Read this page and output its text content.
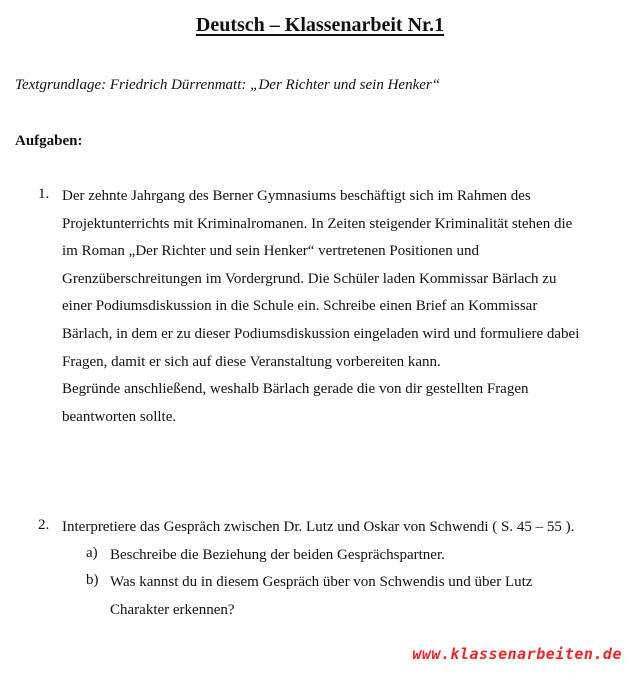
Deutsch – Klassenarbeit Nr.1
Textgrundlage: Friedrich Dürrenmatt: „Der Richter und sein Henker“
Aufgaben:
1. Der zehnte Jahrgang des Berner Gymnasiums beschäftigt sich im Rahmen des
Projektunterrichts mit Kriminalromanen. In Zeiten steigender Kriminalität stehen die
im Roman „Der Richter und sein Henker“ vertretenen Positionen und
Grenzüberschreitungen im Vordergrund. Die Schüler laden Kommissar Bärlach zu
einer Podiumsdiskussion in die Schule ein. Schreibe einen Brief an Kommissar
Bärlach, in dem er zu dieser Podiumsdiskussion eingeladen wird und formuliere dabei
Fragen, damit er sich auf diese Veranstaltung vorbereiten kann.
Begründe anschließend, weshalb Bärlach gerade die von dir gestellten Fragen
beantworten sollte.
2. Interpretiere das Gespräch zwischen Dr. Lutz und Oskar von Schwendi ( S. 45 – 55 ).
a) Beschreibe die Beziehung der beiden Gesprächspartner.
b) Was kannst du in diesem Gespräch über von Schwendis und über Lutz
Charakter erkennen?
www.klassenarbeiten.de
